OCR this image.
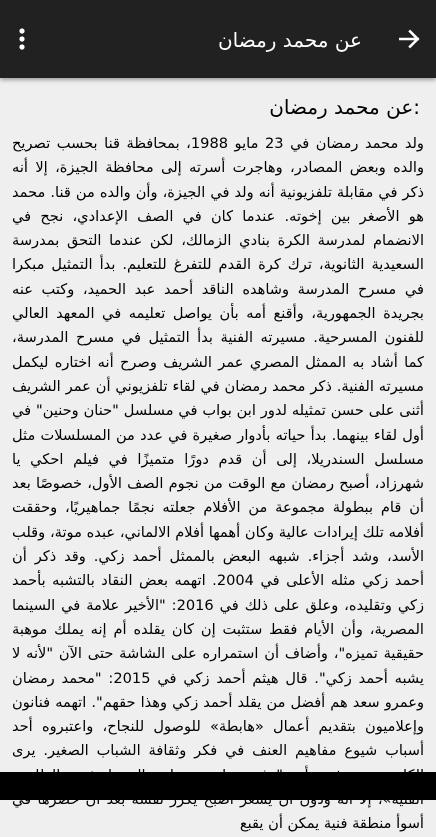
عن محمد رمضان
:عن محمد رمضان
ولد محمد رمضان في 23 مايو 1988، بمحافظة قنا بحسب تصريح والده وبعض المصادر، وهاجرت أسرته إلى محافظة الجيزة، إلا أنه ذكر في مقابلة تلفزيونية أنه ولد في الجيزة، وأن والده من قنا. محمد هو الأصغر بين إخوته. عندما كان في الصف الإعدادي، نجح في الانضمام لمدرسة الكرة بنادي الزمالك، لكن عندما التحق بمدرسة السعيدية الثانوية، ترك كرة القدم للتفرغ للتعليم. بدأ التمثيل مبكرا في مسرح المدرسة وشاهده الناقد أحمد عبد الحميد، وكتب عنه بجريدة الجمهورية، وأقنع أمه بأن يواصل تعليمه في المعهد العالي للفنون المسرحية. مسيرته الفنية بدأ التمثيل في مسرح المدرسة، كما أشاد به الممثل المصري عمر الشريف وصرح أنه اختاره ليكمل مسيرته الفنية. ذكر محمد رمضان في لقاء تلفزيوني أن عمر الشريف أثنى على حسن تمثيله لدور ابن بواب في مسلسل "حنان وحنين" في أول لقاء بينهما. بدأ حياته بأدوار صغيرة في عدد من المسلسلات مثل مسلسل السندريلا، إلى أن قدم دورًا متميزًا في فيلم احكي يا شهرزاد، أصبح رمضان مع الوقت من نجوم الصف الأول، خصوصًا بعد أن قام ببطولة مجموعة من الأفلام جعلته نجمًا جماهيريًا، وحققت أفلامه تلك إيرادات عالية وكان أهمها أفلام الالماني، عبده موتة، وقلب الأسد، وشد أجزاء. شبهه البعض بالممثل أحمد زكي. وقد ذكر أن أحمد زكي مثله الأعلى في 2004. اتهمه بعض النقاد بالتشبه بأحمد زكي وتقليده، وعلق على ذلك في 2016: "الأخير علامة في السينما المصرية، وأن الأيام فقط ستثبت إن كان يقلده أم إنه يملك موهبة حقيقية تميزه"، وأضاف أن استمراره على الشاشة حتى الآن "لأنه لا يشبه أحمد زكي". قال هيثم أحمد زكي في 2015: "محمد رمضان وعمرو سعد هم أفضل من يقلد أحمد زكي وهذا حقهم". اتهمه فنانون وإعلاميون بتقديم أعمال «هابطة» للوصول للنجاح، واعتبروه أحد أسباب شيوع مفاهيم العنف في فكر وثقافة الشباب الصغير. يرى أسوأ منطقة فنية يمكن أن يقبع
